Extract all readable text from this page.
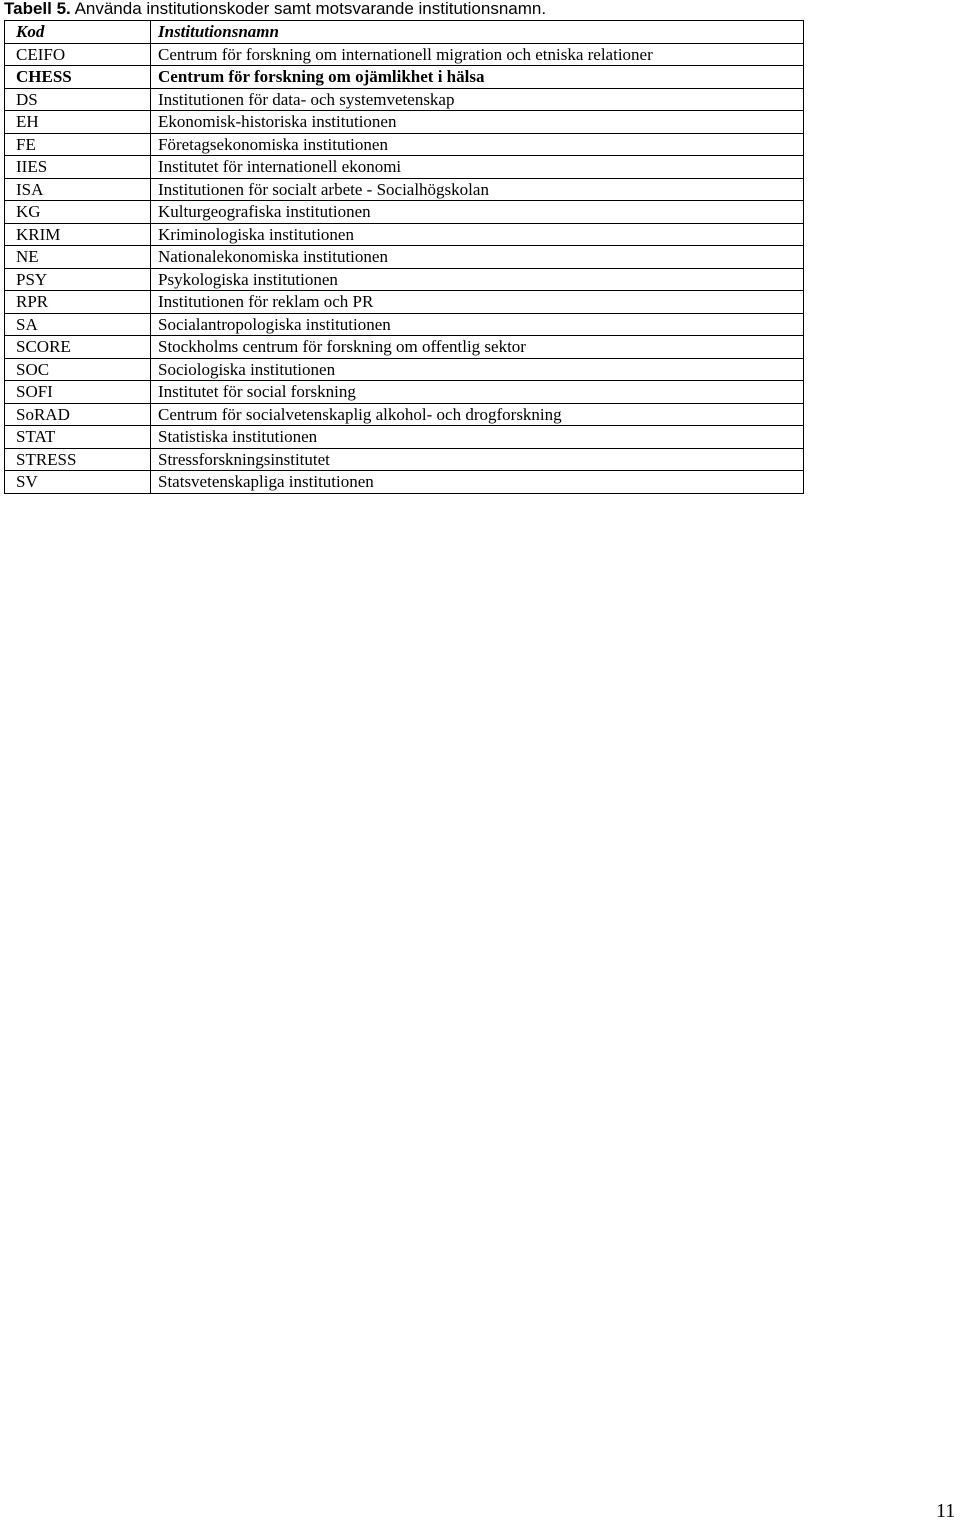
Tabell 5. Använda institutionskoder samt motsvarande institutionsnamn.
Kod	Institutionsnamn
CEIFO	Centrum för forskning om internationell migration och etniska relationer
CHESS	Centrum för forskning om ojämlikhet i hälsa
DS	Institutionen för data- och systemvetenskap
EH	Ekonomisk-historiska institutionen
FE	Företagsekonomiska institutionen
IIES	Institutet för internationell ekonomi
ISA	Institutionen för socialt arbete - Socialhögskolan
KG	Kulturgeografiska institutionen
KRIM	Kriminologiska institutionen
NE	Nationalekonomiska institutionen
PSY	Psykologiska institutionen
RPR	Institutionen för reklam och PR
SA	Socialantropologiska institutionen
SCORE	Stockholms centrum för forskning om offentlig sektor
SOC	Sociologiska institutionen
SOFI	Institutet för social forskning
SoRAD	Centrum för socialvetenskaplig alkohol- och drogforskning
STAT	Statistiska institutionen
STRESS	Stressforskningsinstitutet
SV	Statsvetenskapliga institutionen
11
